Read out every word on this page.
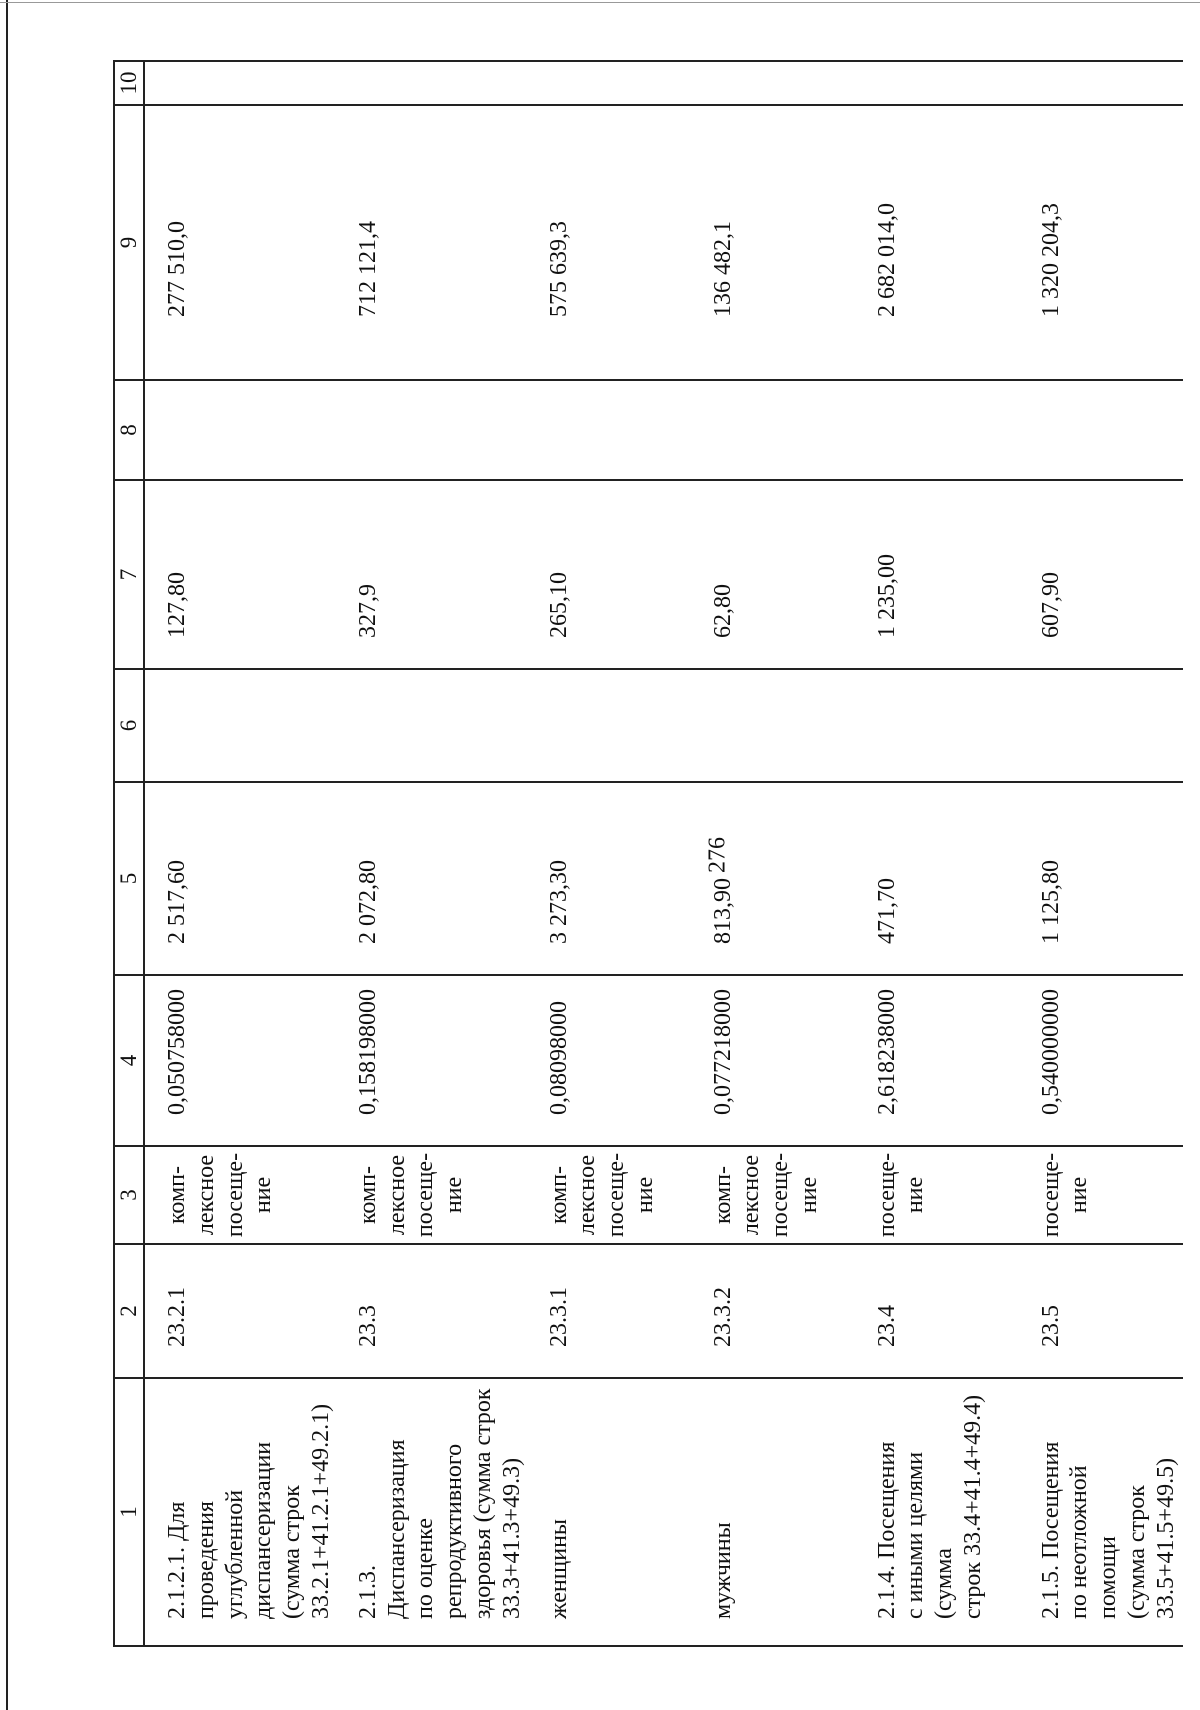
276
1	2	3	4	5	6	7	8	9	10

2.1.2.1. Для проведения
углубленной
диспансеризации
(сумма строк
33.2.1+41.2.1+49.2.1)	23.2.1	комп-
лексное
посеще-
ние	0,050758000	2 517,60		127,80		277 510,0	

2.1.3. Диспансеризация
по оценке
репродуктивного
здоровья (сумма строк
33.3+41.3+49.3)	23.3	комп-
лексное
посеще-
ние	0,158198000	2 072,80		327,9		712 121,4	

женщины	23.3.1	комп-
лексное
посеще-
ние	0,08098000	3 273,30		265,10		575 639,3	

мужчины	23.3.2	комп-
лексное
посеще-
ние	0,077218000	813,90		62,80		136 482,1	

2.1.4. Посещения
с иными целями (сумма
строк 33.4+41.4+49.4)	23.4	посеще-
ние	2,618238000	471,70		1 235,00		2 682 014,0	

2.1.5. Посещения
по неотложной помощи
(сумма строк
33.5+41.5+49.5)	23.5	посеще-
ние	0,540000000	1 125,80		607,90		1 320 204,3	
